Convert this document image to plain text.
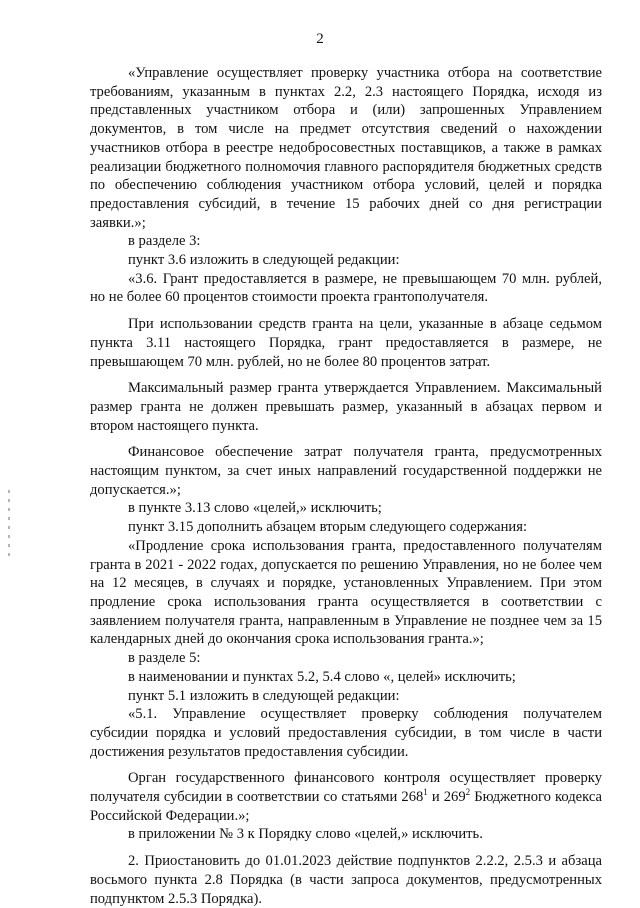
2

«Управление осуществляет проверку участника отбора на соответствие требованиям, указанным в пунктах 2.2, 2.3 настоящего Порядка, исходя из представленных участником отбора и (или) запрошенных Управлением документов, в том числе на предмет отсутствия сведений о нахождении участников отбора в реестре недобросовестных поставщиков, а также в рамках реализации бюджетного полномочия главного распорядителя бюджетных средств по обеспечению соблюдения участником отбора условий, целей и порядка предоставления субсидий, в течение 15 рабочих дней со дня регистрации заявки.»;

в разделе 3:

пункт 3.6 изложить в следующей редакции:

«3.6. Грант предоставляется в размере, не превышающем 70 млн. рублей, но не более 60 процентов стоимости проекта грантополучателя.

При использовании средств гранта на цели, указанные в абзаце седьмом пункта 3.11 настоящего Порядка, грант предоставляется в размере, не превышающем 70 млн. рублей, но не более 80 процентов затрат.

Максимальный размер гранта утверждается Управлением. Максимальный размер гранта не должен превышать размер, указанный в абзацах первом и втором настоящего пункта.

Финансовое обеспечение затрат получателя гранта, предусмотренных настоящим пунктом, за счет иных направлений государственной поддержки не допускается.»;

в пункте 3.13 слово «целей,» исключить;

пункт 3.15 дополнить абзацем вторым следующего содержания:

«Продление срока использования гранта, предоставленного получателям гранта в 2021 - 2022 годах, допускается по решению Управления, но не более чем на 12 месяцев, в случаях и порядке, установленных Управлением. При этом продление срока использования гранта осуществляется в соответствии с заявлением получателя гранта, направленным в Управление не позднее чем за 15 календарных дней до окончания срока использования гранта.»;

в разделе 5:

в наименовании и пунктах 5.2, 5.4 слово «, целей» исключить;

пункт 5.1 изложить в следующей редакции:

«5.1. Управление осуществляет проверку соблюдения получателем субсидии порядка и условий предоставления субсидии, в том числе в части достижения результатов предоставления субсидии.

Орган государственного финансового контроля осуществляет проверку получателя субсидии в соответствии со статьями $268^1$ и $269^2$ Бюджетного кодекса Российской Федерации.»;

в приложении № 3 к Порядку слово «целей,» исключить.

2. Приостановить до 01.01.2023 действие подпунктов 2.2.2, 2.5.3 и абзаца восьмого пункта 2.8 Порядка (в части запроса документов, предусмотренных подпунктом 2.5.3 Порядка).
